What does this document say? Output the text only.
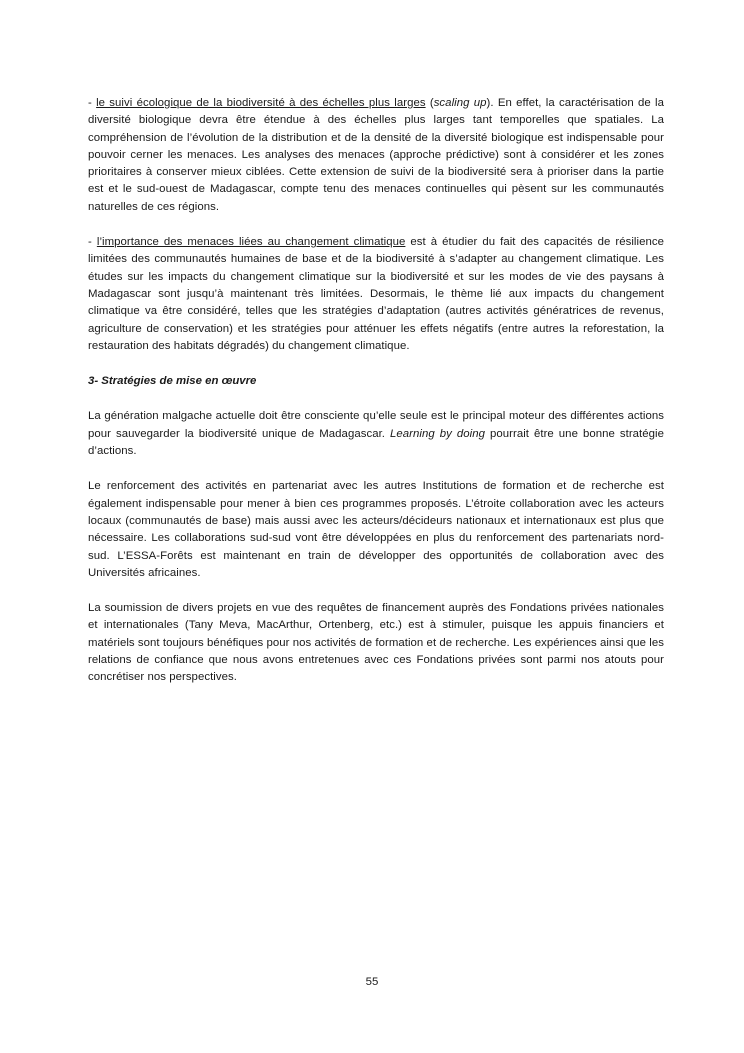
- le suivi écologique de la biodiversité à des échelles plus larges (scaling up). En effet, la caractérisation de la diversité biologique devra être étendue à des échelles plus larges tant temporelles que spatiales. La compréhension de l’évolution de la distribution et de la densité de la diversité biologique est indispensable pour pouvoir cerner les menaces. Les analyses des menaces (approche prédictive) sont à considérer et les zones prioritaires à conserver mieux ciblées. Cette extension de suivi de la biodiversité sera à prioriser dans la partie est et le sud-ouest de Madagascar, compte tenu des menaces continuelles qui pèsent sur les communautés naturelles de ces régions.

- l’importance des menaces liées au changement climatique est à étudier du fait des capacités de résilience limitées des communautés humaines de base et de la biodiversité à s’adapter au changement climatique. Les études sur les impacts du changement climatique sur la biodiversité et sur les modes de vie des paysans à Madagascar sont jusqu’à maintenant très limitées. Desormais, le thème lié aux impacts du changement climatique va être considéré, telles que les stratégies d’adaptation (autres activités génératrices de revenus, agriculture de conservation) et les stratégies pour atténuer les effets négatifs (entre autres la reforestation, la restauration des habitats dégradés) du changement climatique.

3- Stratégies de mise en œuvre

La génération malgache actuelle doit être consciente qu’elle seule est le principal moteur des différentes actions pour sauvegarder la biodiversité unique de Madagascar. Learning by doing pourrait être une bonne stratégie d’actions.

Le renforcement des activités en partenariat avec les autres Institutions de formation et de recherche est également indispensable pour mener à bien ces programmes proposés. L’étroite collaboration avec les acteurs locaux (communautés de base) mais aussi avec les acteurs/décideurs nationaux et internationaux est plus que nécessaire. Les collaborations sud-sud vont être développées en plus du renforcement des partenariats nord-sud. L’ESSA-Forêts est maintenant en train de développer des opportunités de collaboration avec des Universités africaines.

La soumission de divers projets en vue des requêtes de financement auprès des Fondations privées nationales et internationales (Tany Meva, MacArthur, Ortenberg, etc.) est à stimuler, puisque les appuis financiers et matériels sont toujours bénéfiques pour nos activités de formation et de recherche. Les expériences ainsi que les relations de confiance que nous avons entretenues avec ces Fondations privées sont parmi nos atouts pour concrétiser nos perspectives.

55
